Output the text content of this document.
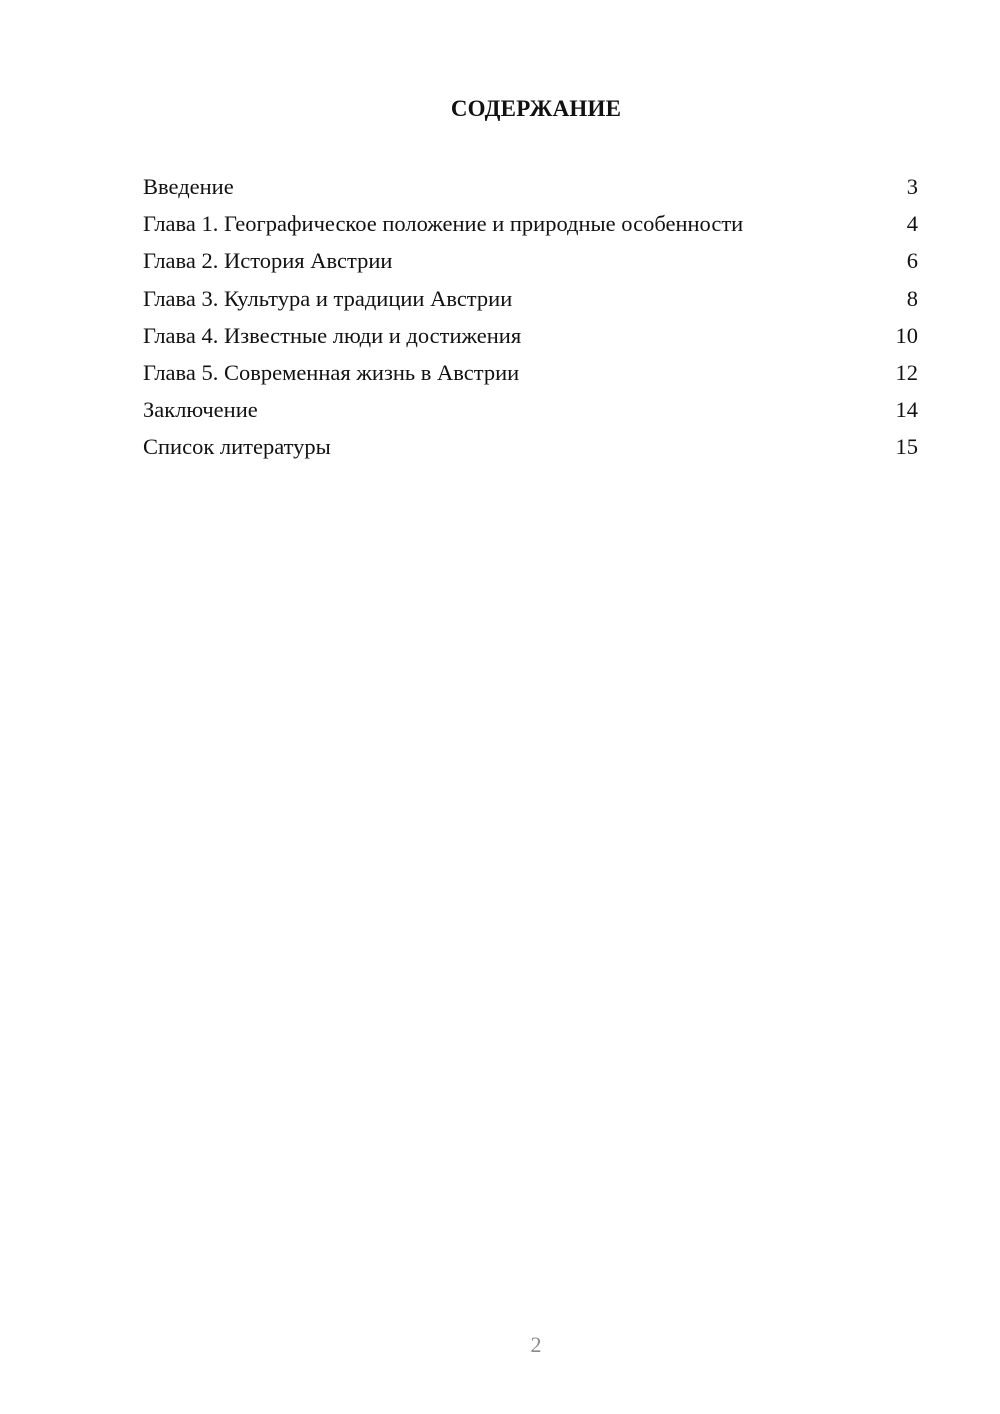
СОДЕРЖАНИЕ
Введение	3
Глава 1. Географическое положение и природные особенности	4
Глава 2. История Австрии	6
Глава 3. Культура и традиции Австрии	8
Глава 4. Известные люди и достижения	10
Глава 5. Современная жизнь в Австрии	12
Заключение	14
Список литературы	15
2
